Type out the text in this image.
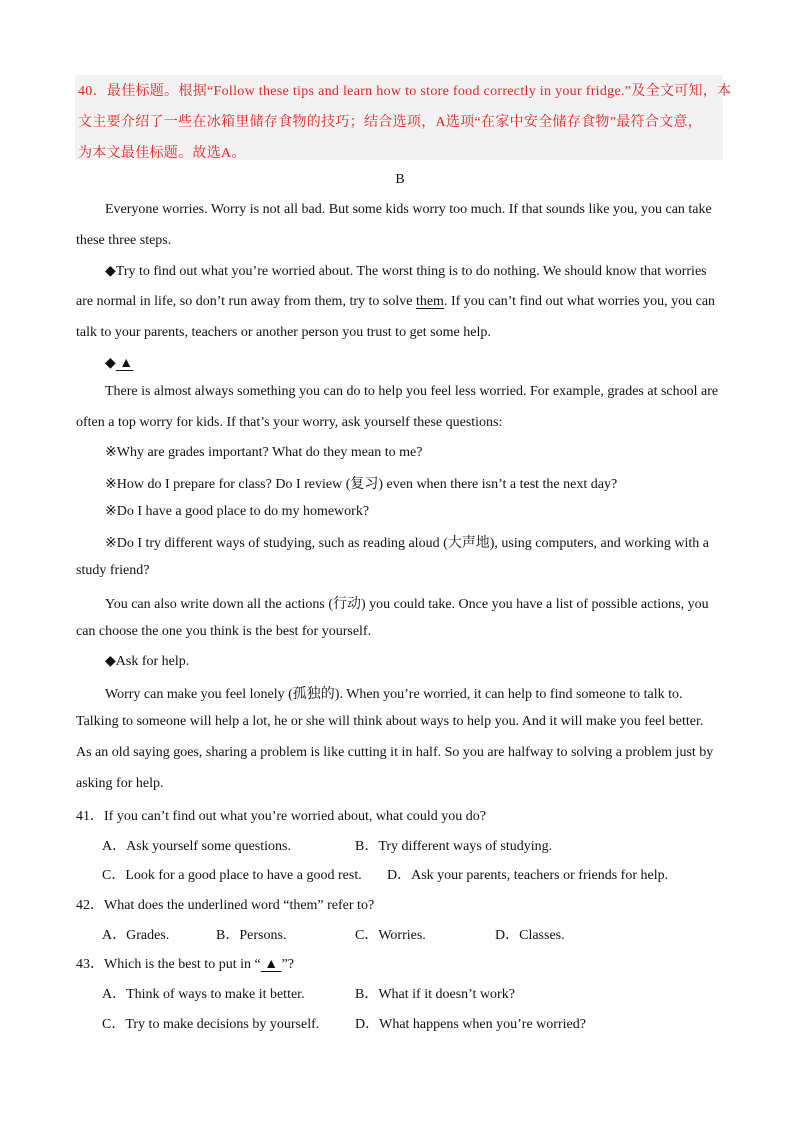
40．最佳标题。根据“Follow these tips and learn how to store food correctly in your fridge.”及全文可知，本
文主要介绍了一些在冰箱里储存食物的技巧；结合选项，A选项“在家中安全储存食物”最符合文意，
为本文最佳标题。故选A。
B
Everyone worries. Worry is not all bad. But some kids worry too much. If that sounds like you, you can take
these three steps.
◆Try to find out what you’re worried about. The worst thing is to do nothing. We should know that worries
are normal in life, so don’t run away from them, try to solve them. If you can’t find out what worries you, you can
talk to your parents, teachers or another person you trust to get some help.
◆ ▲
There is almost always something you can do to help you feel less worried. For example, grades at school are
often a top worry for kids. If that’s your worry, ask yourself these questions:
※Why are grades important? What do they mean to me?
※How do I prepare for class? Do I review (复习) even when there isn’t a test the next day?
※Do I have a good place to do my homework?
※Do I try different ways of studying, such as reading aloud (大声地), using computers, and working with a
study friend?
You can also write down all the actions (行动) you could take. Once you have a list of possible actions, you
can choose the one you think is the best for yourself.
◆Ask for help.
Worry can make you feel lonely (孤独的). When you’re worried, it can help to find someone to talk to.
Talking to someone will help a lot, he or she will think about ways to help you. And it will make you feel better.
As an old saying goes, sharing a problem is like cutting it in half. So you are halfway to solving a problem just by
asking for help.
41．If you can’t find out what you’re worried about, what could you do?
A．Ask yourself some questions.	B．Try different ways of studying.
C．Look for a good place to have a good rest. D．Ask your parents, teachers or friends for help.
42．What does the underlined word “them” refer to?
A．Grades.	B．Persons.	C．Worries.	D．Classes.
43．Which is the best to put in “ ▲ ”?
A．Think of ways to make it better.	B．What if it doesn’t work?
C．Try to make decisions by yourself.	D．What happens when you’re worried?
